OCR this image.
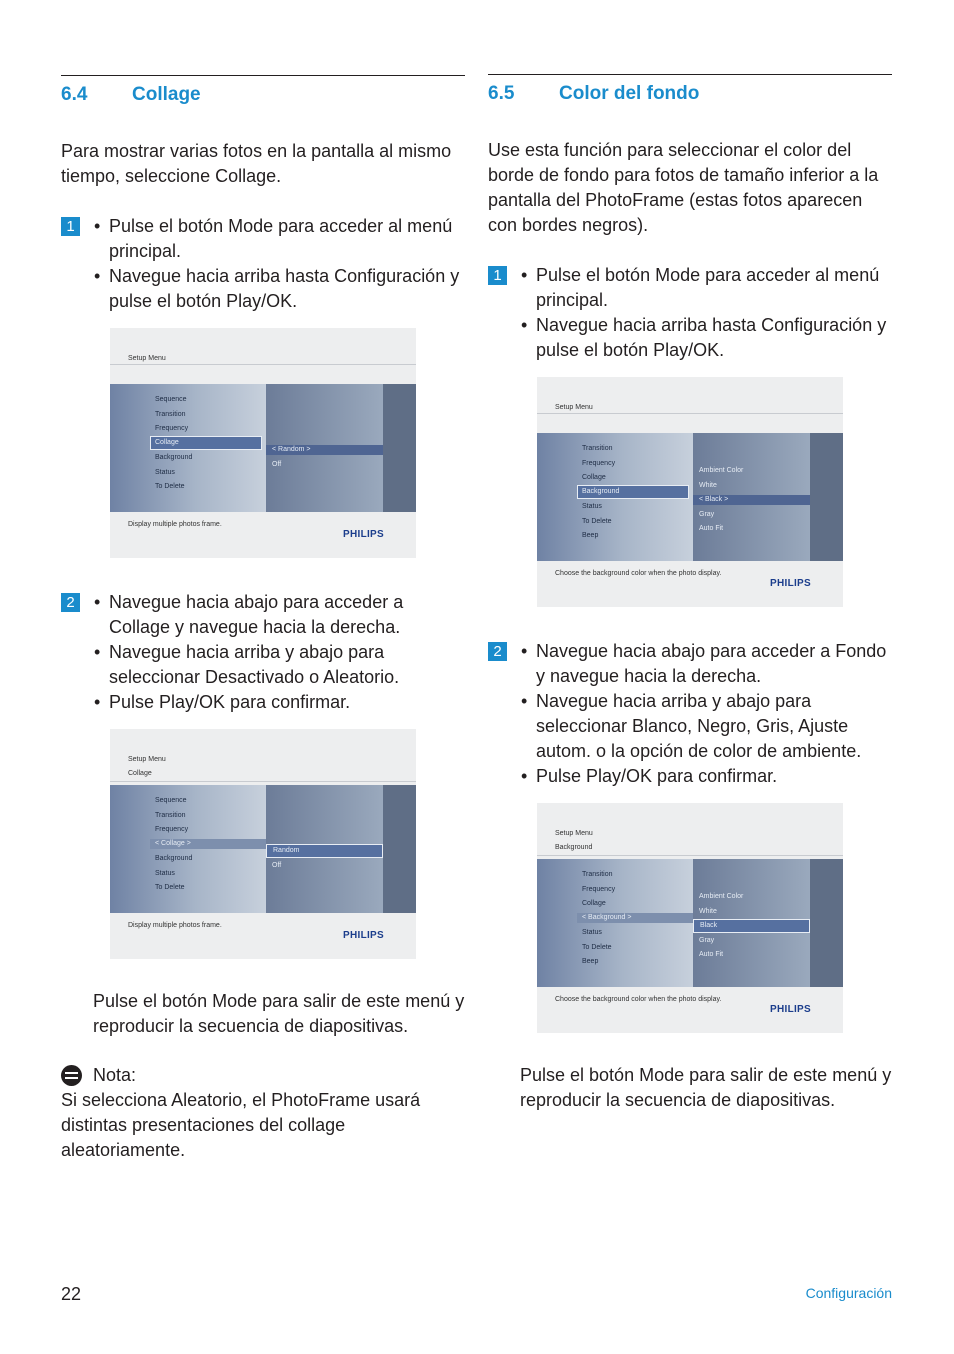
6.4	Collage
Para mostrar varias fotos en la pantalla al mismo tiempo, seleccione Collage.
1 • Pulse el botón Mode para acceder al menú principal.
• Navegue hacia arriba hasta Configuración y pulse el botón Play/OK.
Setup Menu
Sequence
Transition
Frequency
Collage
Background
Status
To Delete
< Random >
Off
Display multiple photos frame.
PHILIPS
2 • Navegue hacia abajo para acceder a Collage y navegue hacia la derecha.
• Navegue hacia arriba y abajo para seleccionar Desactivado o Aleatorio.
• Pulse Play/OK para confirmar.
Setup Menu
Collage
Sequence
Transition
Frequency
< Collage >
Background
Status
To Delete
Random
Off
Display multiple photos frame.
PHILIPS
Pulse el botón Mode para salir de este menú y reproducir la secuencia de diapositivas.
Nota:
Si selecciona Aleatorio, el PhotoFrame usará distintas presentaciones del collage aleatoriamente.
6.5	Color del fondo
Use esta función para seleccionar el color del borde de fondo para fotos de tamaño inferior a la pantalla del PhotoFrame (estas fotos aparecen con bordes negros).
1 • Pulse el botón Mode para acceder al menú principal.
• Navegue hacia arriba hasta Configuración y pulse el botón Play/OK.
Setup Menu
Transition
Frequency
Collage
Background
Status
To Delete
Beep
Ambient Color
White
< Black >
Gray
Auto Fit
Choose the background color when the photo display.
PHILIPS
2 • Navegue hacia abajo para acceder a Fondo y navegue hacia la derecha.
• Navegue hacia arriba y abajo para seleccionar Blanco, Negro, Gris, Ajuste autom. o la opción de color de ambiente.
• Pulse Play/OK para confirmar.
Setup Menu
Background
Transition
Frequency
Collage
< Background >
Status
To Delete
Beep
Ambient Color
White
Black
Gray
Auto Fit
Choose the background color when the photo display.
PHILIPS
Pulse el botón Mode para salir de este menú y reproducir la secuencia de diapositivas.
22	Configuración
